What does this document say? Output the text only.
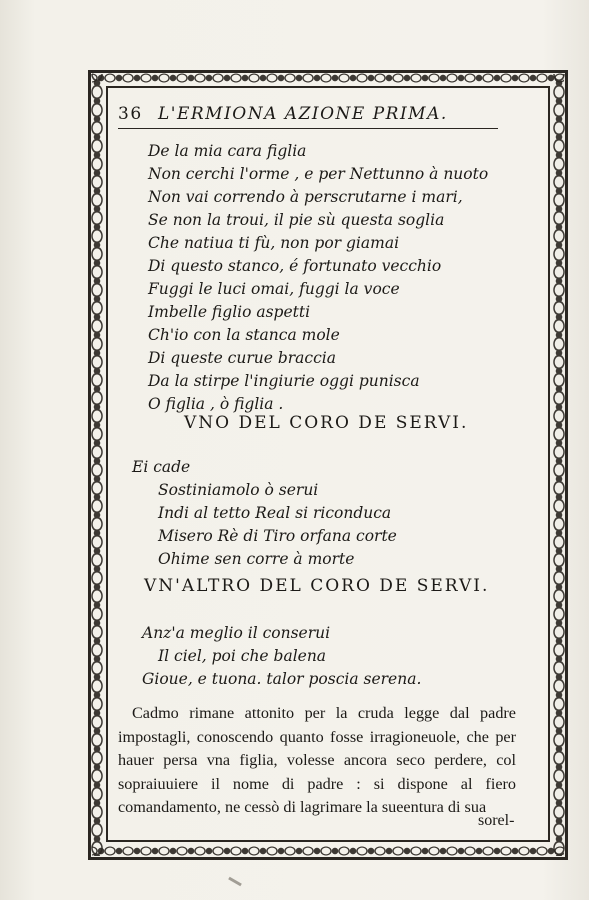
36 L'ERMIONA AZIONE PRIMA.
De la mia cara figlia
Non cerchi l'orme , e per Nettunno à nuoto
Non vai correndo à perscrutarne i mari,
Se non la troui, il pie sù questa soglia
Che natiua ti fù, non por giamai
Di questo stanco, é fortunato vecchio
Fuggi le luci omai, fuggi la voce
Imbelle figlio aspetti
Ch'io con la stanca mole
Di queste curue braccia
Da la stirpe l'ingiurie oggi punisca
O figlia , ò figlia .
VNO DEL CORO DE SERVI.
Ei cade
Sostiniamolo ò serui
Indi al tetto Real si riconduca
Misero Rè di Tiro orfana corte
Ohime sen corre à morte
VN'ALTRO DEL CORO DE SERVI.
Anz'a meglio il conserui
Il ciel, poi che balena
Gioue, e tuona. talor poscia serena.

Cadmo rimane attonito per la cruda legge dal padre impostagli, conoscendo quanto fosse irragioneuole, che per hauer persa vna figlia, volesse ancora seco perdere, col sopraiuuiere il nome di padre : si dispone al fiero comandamento, ne cessò di lagrimare la sueentura di sua

sorel-
